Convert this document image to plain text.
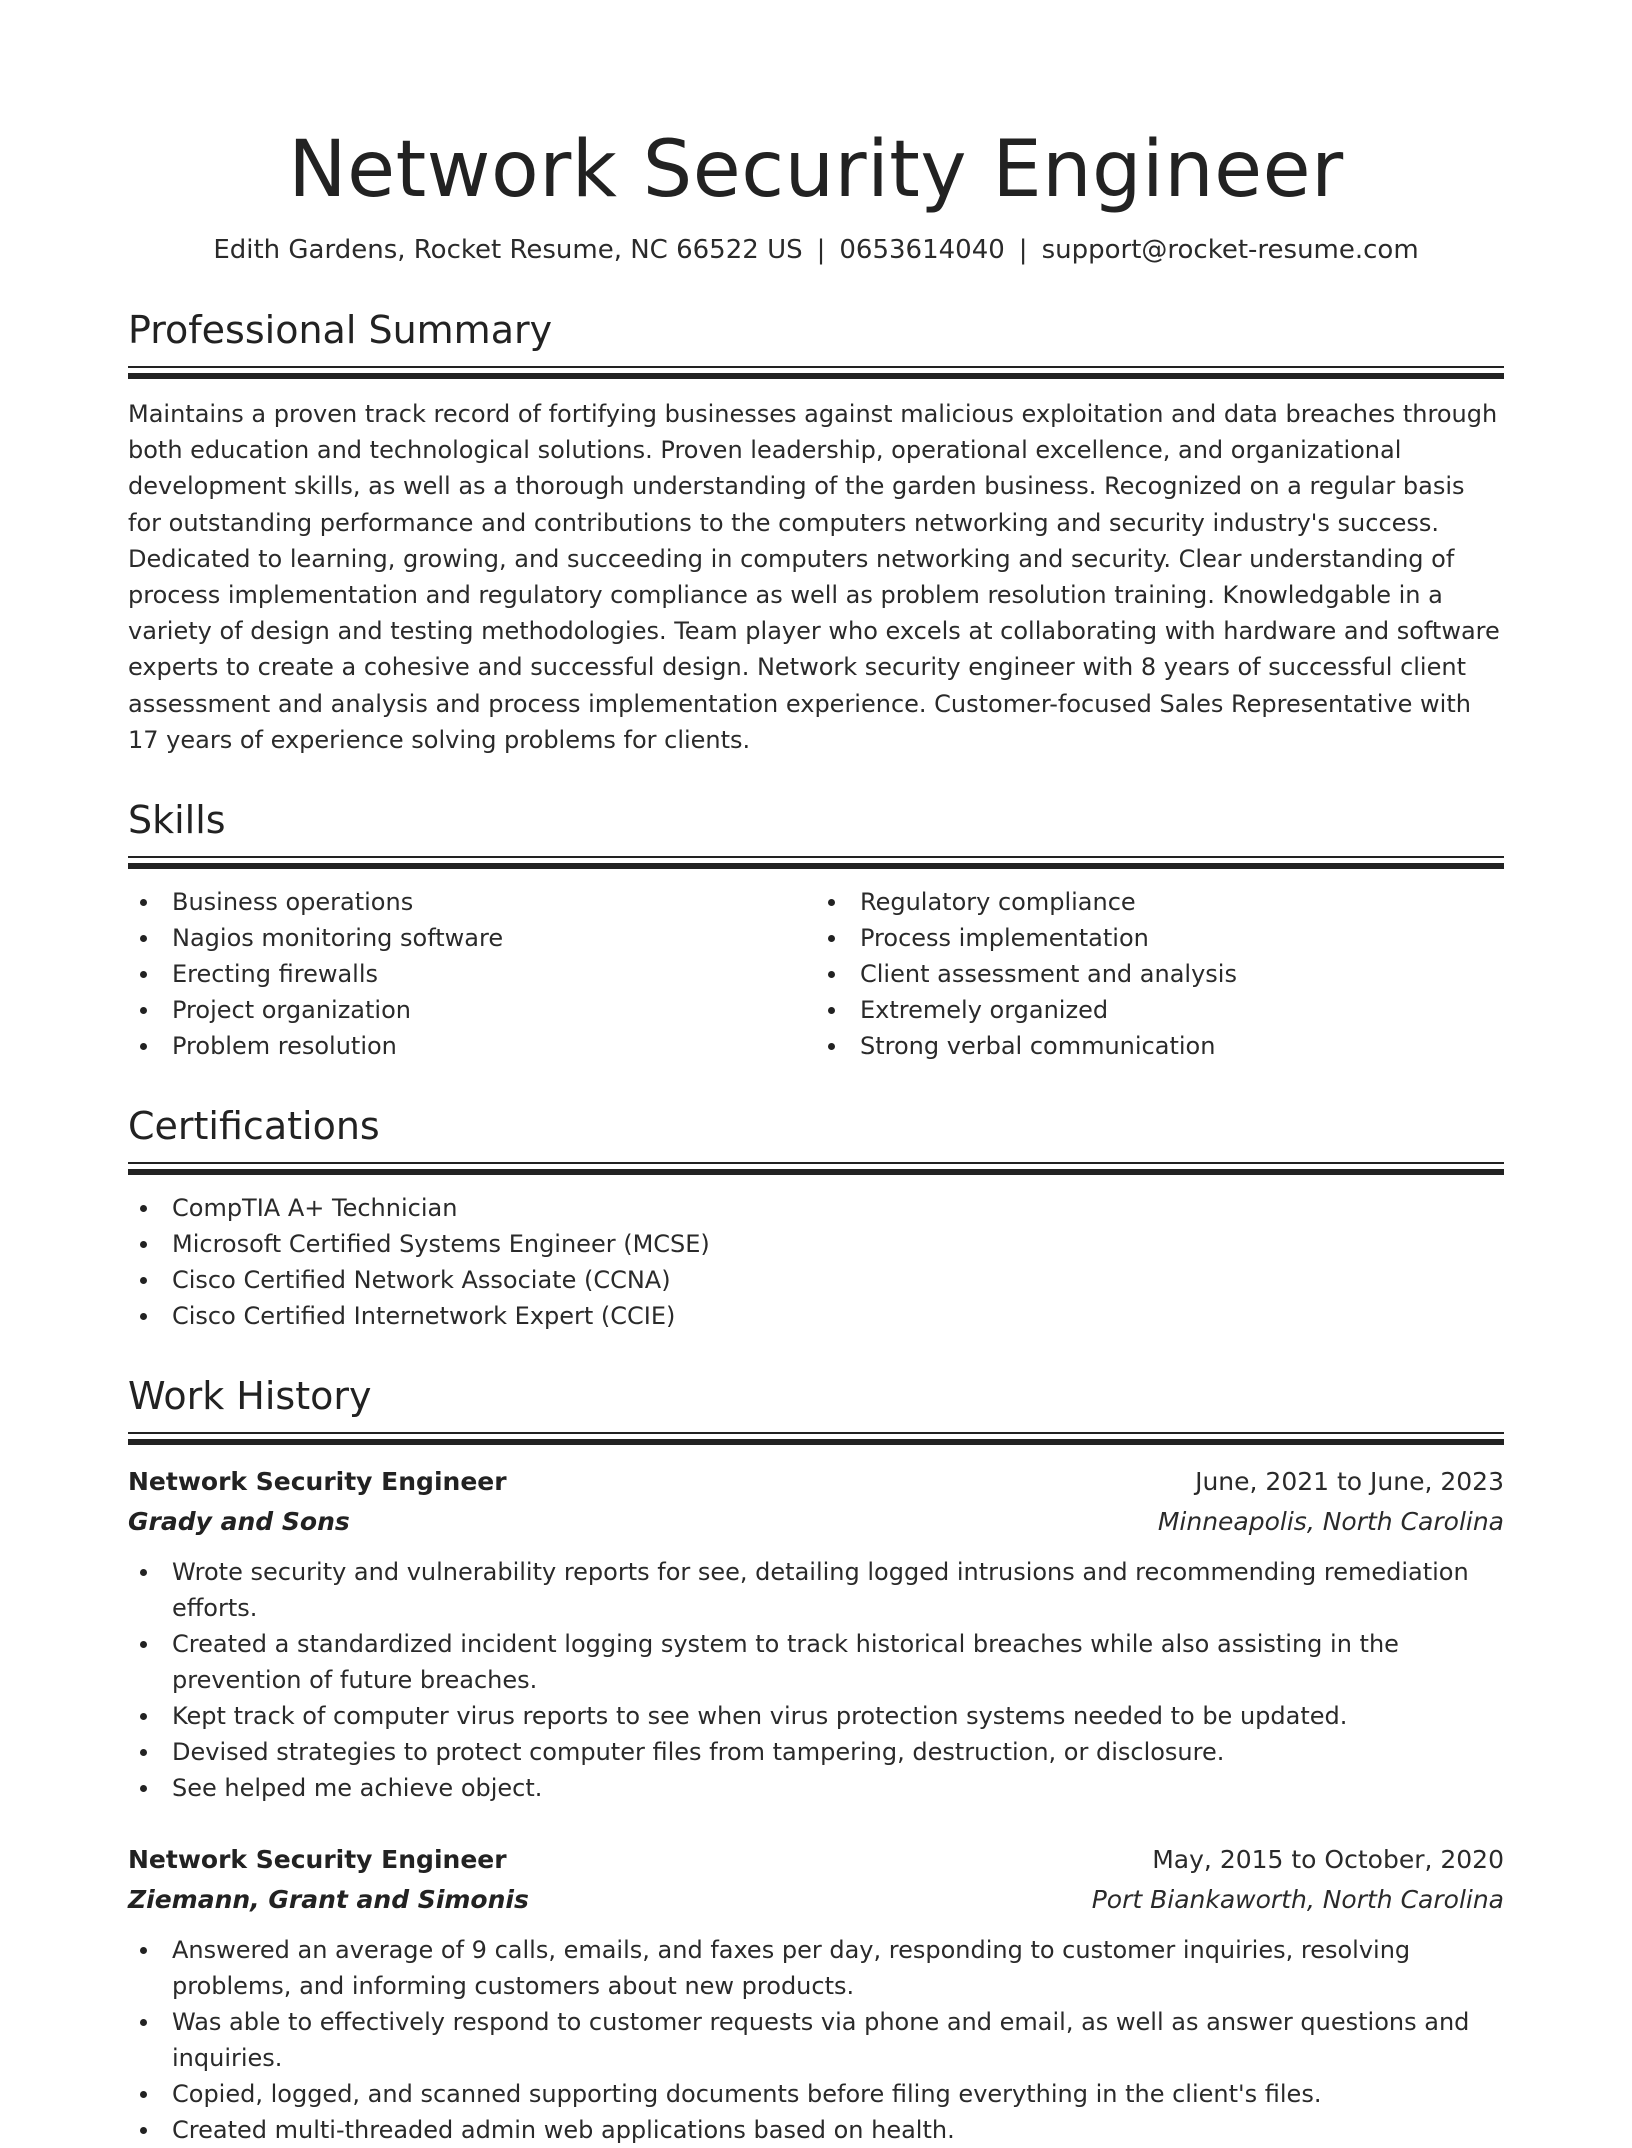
Network Security Engineer
Edith Gardens, Rocket Resume, NC 66522 US | 0653614040 | support@rocket-resume.com
Professional Summary
Maintains a proven track record of fortifying businesses against malicious exploitation and data breaches through both education and technological solutions. Proven leadership, operational excellence, and organizational development skills, as well as a thorough understanding of the garden business. Recognized on a regular basis for outstanding performance and contributions to the computers networking and security industry's success. Dedicated to learning, growing, and succeeding in computers networking and security. Clear understanding of process implementation and regulatory compliance as well as problem resolution training. Knowledgable in a variety of design and testing methodologies. Team player who excels at collaborating with hardware and software experts to create a cohesive and successful design. Network security engineer with 8 years of successful client assessment and analysis and process implementation experience. Customer-focused Sales Representative with 17 years of experience solving problems for clients.
Skills
Business operations
Nagios monitoring software
Erecting firewalls
Project organization
Problem resolution
Regulatory compliance
Process implementation
Client assessment and analysis
Extremely organized
Strong verbal communication
Certifications
CompTIA A+ Technician
Microsoft Certified Systems Engineer (MCSE)
Cisco Certified Network Associate (CCNA)
Cisco Certified Internetwork Expert (CCIE)
Work History
Network Security Engineer	June, 2021 to June, 2023
Grady and Sons	Minneapolis, North Carolina
Wrote security and vulnerability reports for see, detailing logged intrusions and recommending remediation efforts.
Created a standardized incident logging system to track historical breaches while also assisting in the prevention of future breaches.
Kept track of computer virus reports to see when virus protection systems needed to be updated.
Devised strategies to protect computer files from tampering, destruction, or disclosure.
See helped me achieve object.
Network Security Engineer	May, 2015 to October, 2020
Ziemann, Grant and Simonis	Port Biankaworth, North Carolina
Answered an average of 9 calls, emails, and faxes per day, responding to customer inquiries, resolving problems, and informing customers about new products.
Was able to effectively respond to customer requests via phone and email, as well as answer questions and inquiries.
Copied, logged, and scanned supporting documents before filing everything in the client's files.
Created multi-threaded admin web applications based on health.
